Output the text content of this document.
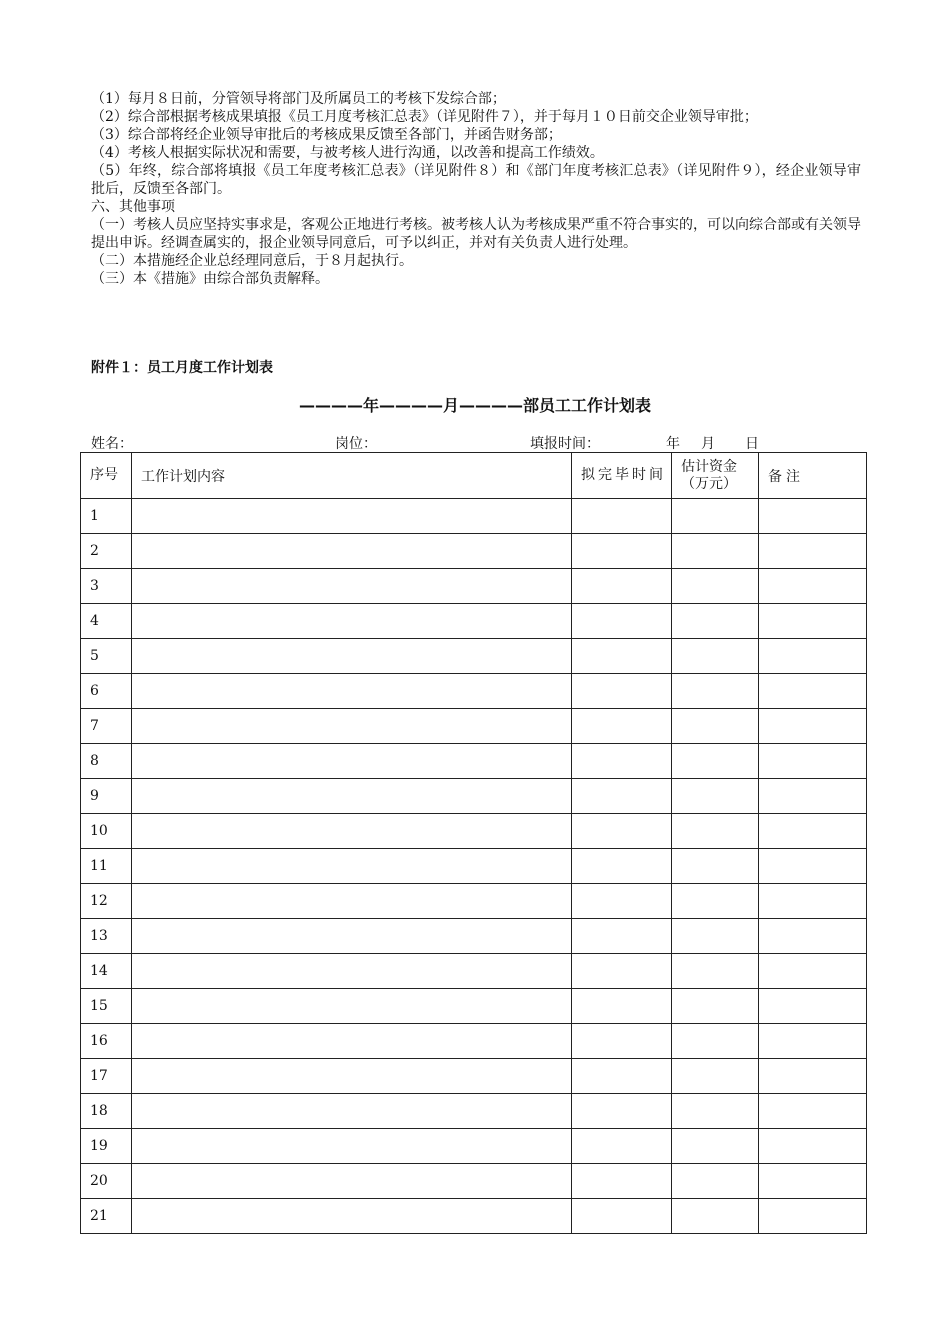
（1）每月８日前，分管领导将部门及所属员工的考核下发综合部；

（2）综合部根据考核成果填报《员工月度考核汇总表》（详见附件７），并于每月１０日前交企业领导审批；

（3）综合部将经企业领导审批后的考核成果反馈至各部门，并函告财务部；

（4）考核人根据实际状况和需要，与被考核人进行沟通，以改善和提高工作绩效。

（5）年终，综合部将填报《员工年度考核汇总表》（详见附件８）和《部门年度考核汇总表》（详见附件９），经企业领导审批后，反馈至各部门。

六、其他事项

（一）考核人员应坚持实事求是，客观公正地进行考核。被考核人认为考核成果严重不符合事实的，可以向综合部或有关领导提出申诉。经调查属实的，报企业领导同意后，可予以纠正，并对有关负责人进行处理。

（二）本措施经企业总经理同意后，于８月起执行。

（三）本《措施》由综合部负责解释。

附件１：员工月度工作计划表

————年————月————部员工工作计划表

姓名：	岗位：	填报时间：	年 月 日
序号	工作计划内容	拟完毕时间	估计资金（万元）	备注
1				
2				
3				
4				
5				
6				
7				
8				
9				
10				
11				
12				
13				
14				
15				
16				
17				
18				
19				
20				
21				
